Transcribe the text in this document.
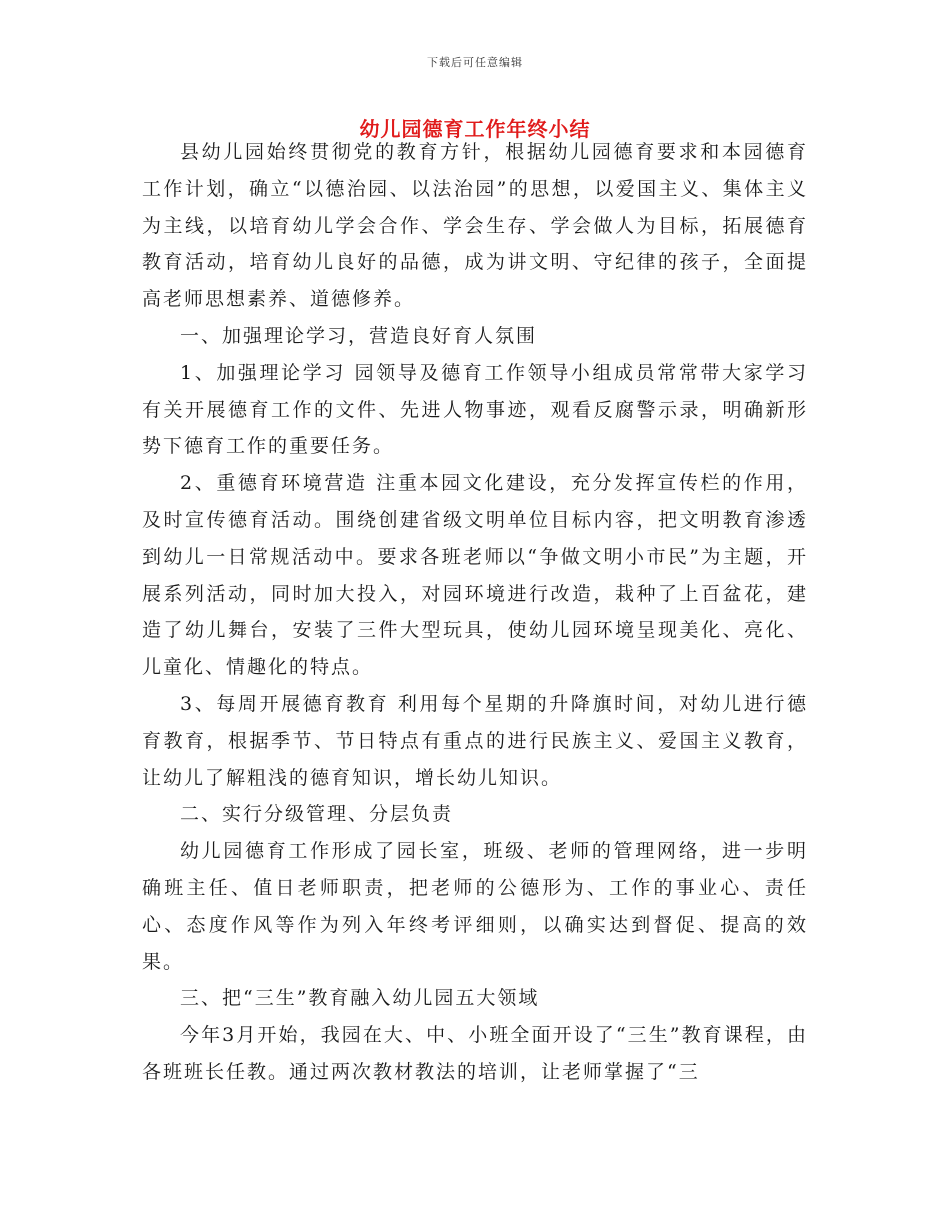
下载后可任意编辑
幼儿园德育工作年终小结

县幼儿园始终贯彻党的教育方针，根据幼儿园德育要求和本园德育工作计划，确立“以德治园、以法治园”的思想，以爱国主义、集体主义为主线，以培育幼儿学会合作、学会生存、学会做人为目标，拓展德育教育活动，培育幼儿良好的品德，成为讲文明、守纪律的孩子，全面提高老师思想素养、道德修养。

一、加强理论学习，营造良好育人氛围

1、加强理论学习 园领导及德育工作领导小组成员常常带大家学习有关开展德育工作的文件、先进人物事迹，观看反腐警示录，明确新形势下德育工作的重要任务。

2、重德育环境营造 注重本园文化建设，充分发挥宣传栏的作用，及时宣传德育活动。围绕创建省级文明单位目标内容，把文明教育渗透到幼儿一日常规活动中。要求各班老师以“争做文明小市民”为主题，开展系列活动，同时加大投入，对园环境进行改造，栽种了上百盆花，建造了幼儿舞台，安装了三件大型玩具，使幼儿园环境呈现美化、亮化、儿童化、情趣化的特点。

3、每周开展德育教育 利用每个星期的升降旗时间，对幼儿进行德育教育，根据季节、节日特点有重点的进行民族主义、爱国主义教育，让幼儿了解粗浅的德育知识，增长幼儿知识。

二、实行分级管理、分层负责

幼儿园德育工作形成了园长室，班级、老师的管理网络，进一步明确班主任、值日老师职责，把老师的公德形为、工作的事业心、责任心、态度作风等作为列入年终考评细则，以确实达到督促、提高的效果。

三、把“三生”教育融入幼儿园五大领域

今年3月开始，我园在大、中、小班全面开设了“三生”教育课程，由各班班长任教。通过两次教材教法的培训，让老师掌握了“三
